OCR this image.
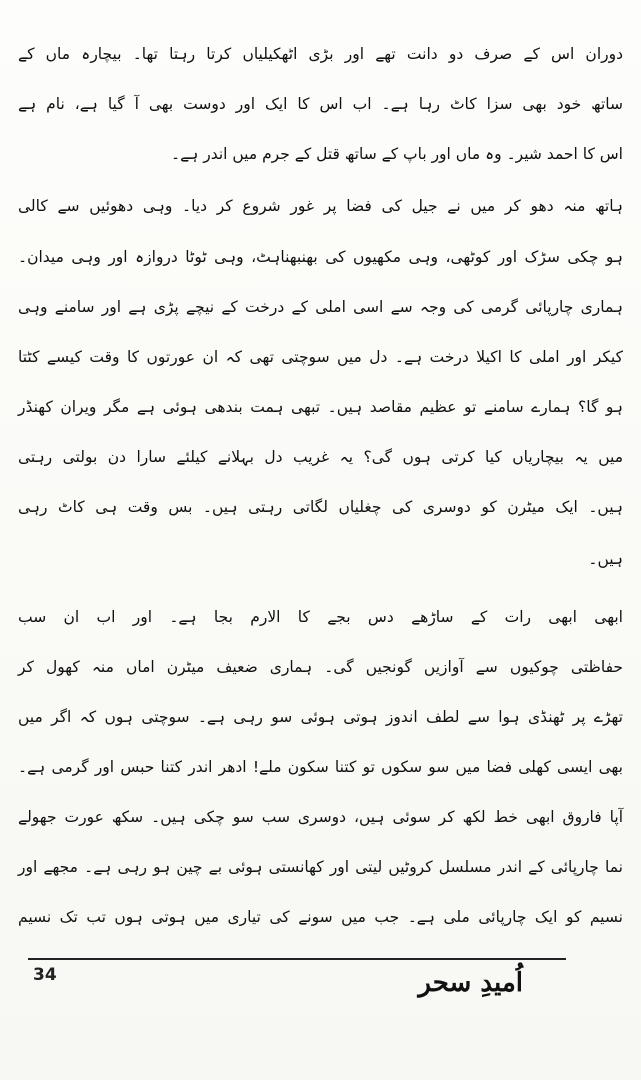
دوران اس کے صرف دو دانت تھے اور بڑی اٹھکیلیاں کرتا رہتا تھا۔ بیچارہ ماں کے
ساتھ خود بھی سزا کاٹ رہا ہے۔ اب اس کا ایک اور دوست بھی آ گیا ہے، نام ہے
اس کا احمد شیر۔ وہ ماں اور باپ کے ساتھ قتل کے جرم میں اندر ہے۔
ہاتھ منہ دھو کر میں نے جیل کی فضا پر غور شروع کر دیا۔ وہی دھوئیں سے کالی
ہو چکی سڑک اور کوٹھی، وہی مکھیوں کی بھنبھناہٹ، وہی ٹوٹا دروازہ اور وہی میدان۔
ہماری چارپائی گرمی کی وجہ سے اسی املی کے درخت کے نیچے پڑی ہے اور سامنے وہی
کیکر اور املی کا اکیلا درخت ہے۔ دل میں سوچتی تھی کہ ان عورتوں کا وقت کیسے کٹتا
ہو گا؟ ہمارے سامنے تو عظیم مقاصد ہیں۔ تبھی ہمت بندھی ہوئی ہے مگر ویران کھنڈر
میں یہ بیچاریاں کیا کرتی ہوں گی؟ یہ غریب دل بہلانے کیلئے سارا دن بولتی رہتی
ہیں۔ ایک میٹرن کو دوسری کی چغلیاں لگاتی رہتی ہیں۔ بس وقت ہی کاٹ رہی
ہیں۔
ابھی ابھی رات کے ساڑھے دس بجے کا الارم بجا ہے۔ اور اب ان سب
حفاظتی چوکیوں سے آوازیں گونجیں گی۔ ہماری ضعیف میٹرن اماں منہ کھول کر
تھڑے پر ٹھنڈی ہوا سے لطف اندوز ہوتی ہوئی سو رہی ہے۔ سوچتی ہوں کہ اگر میں
بھی ایسی کھلی فضا میں سو سکوں تو کتنا سکون ملے! ادھر اندر کتنا حبس اور گرمی ہے۔
آپا فاروق ابھی خط لکھ کر سوئی ہیں، دوسری سب سو چکی ہیں۔ سکھ عورت جھولے
نما چارپائی کے اندر مسلسل کروٹیں لیتی اور کھانستی ہوئی بے چین ہو رہی ہے۔ مجھے اور
نسیم کو ایک چارپائی ملی ہے۔ جب میں سونے کی تیاری میں ہوتی ہوں تب تک نسیم
34	اُمیدِ سحر
